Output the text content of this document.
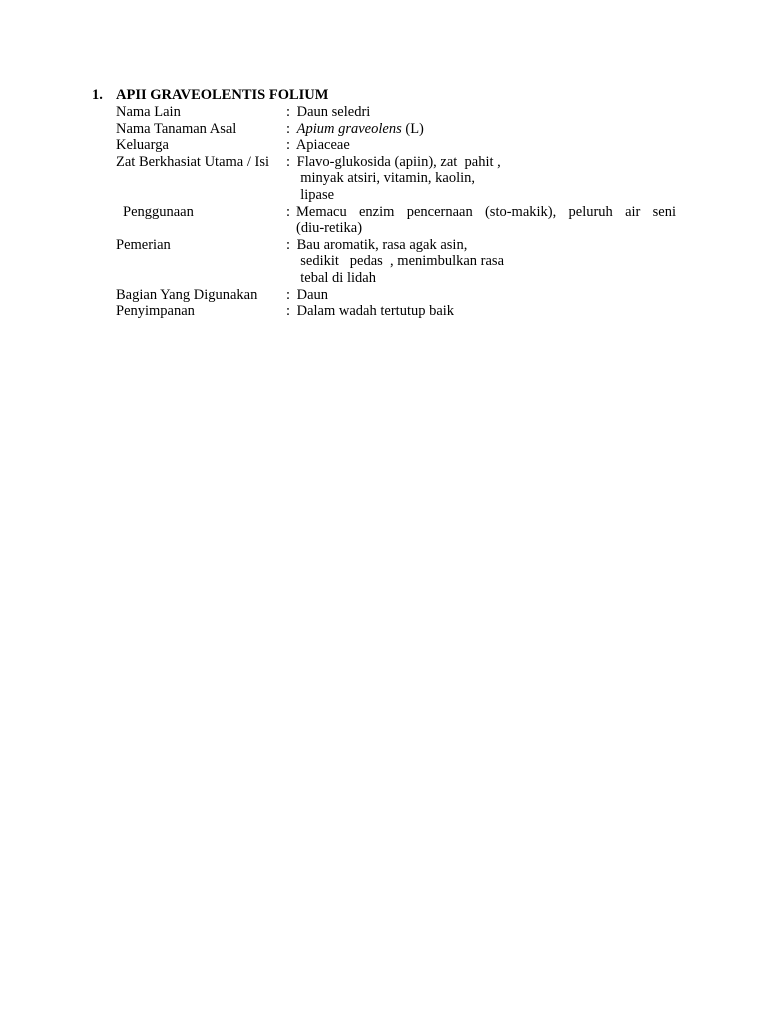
1. APII GRAVEOLENTIS FOLIUM
Nama Lain	: Daun seledri
Nama Tanaman Asal	: Apium graveolens (L)
Keluarga	: Apiaceae
Zat Berkhasiat Utama / Isi	: Flavo-glukosida (apiin), zat  pahit ,
minyak atsiri, vitamin, kaolin,
lipase
Penggunaan	: Memacu enzim pencernaan (sto-makik), peluruh air seni
(diu-retika)
Pemerian	: Bau aromatik, rasa agak asin,
sedikit   pedas  , menimbulkan rasa
tebal di lidah
Bagian Yang Digunakan	: Daun
Penyimpanan	: Dalam wadah tertutup baik
